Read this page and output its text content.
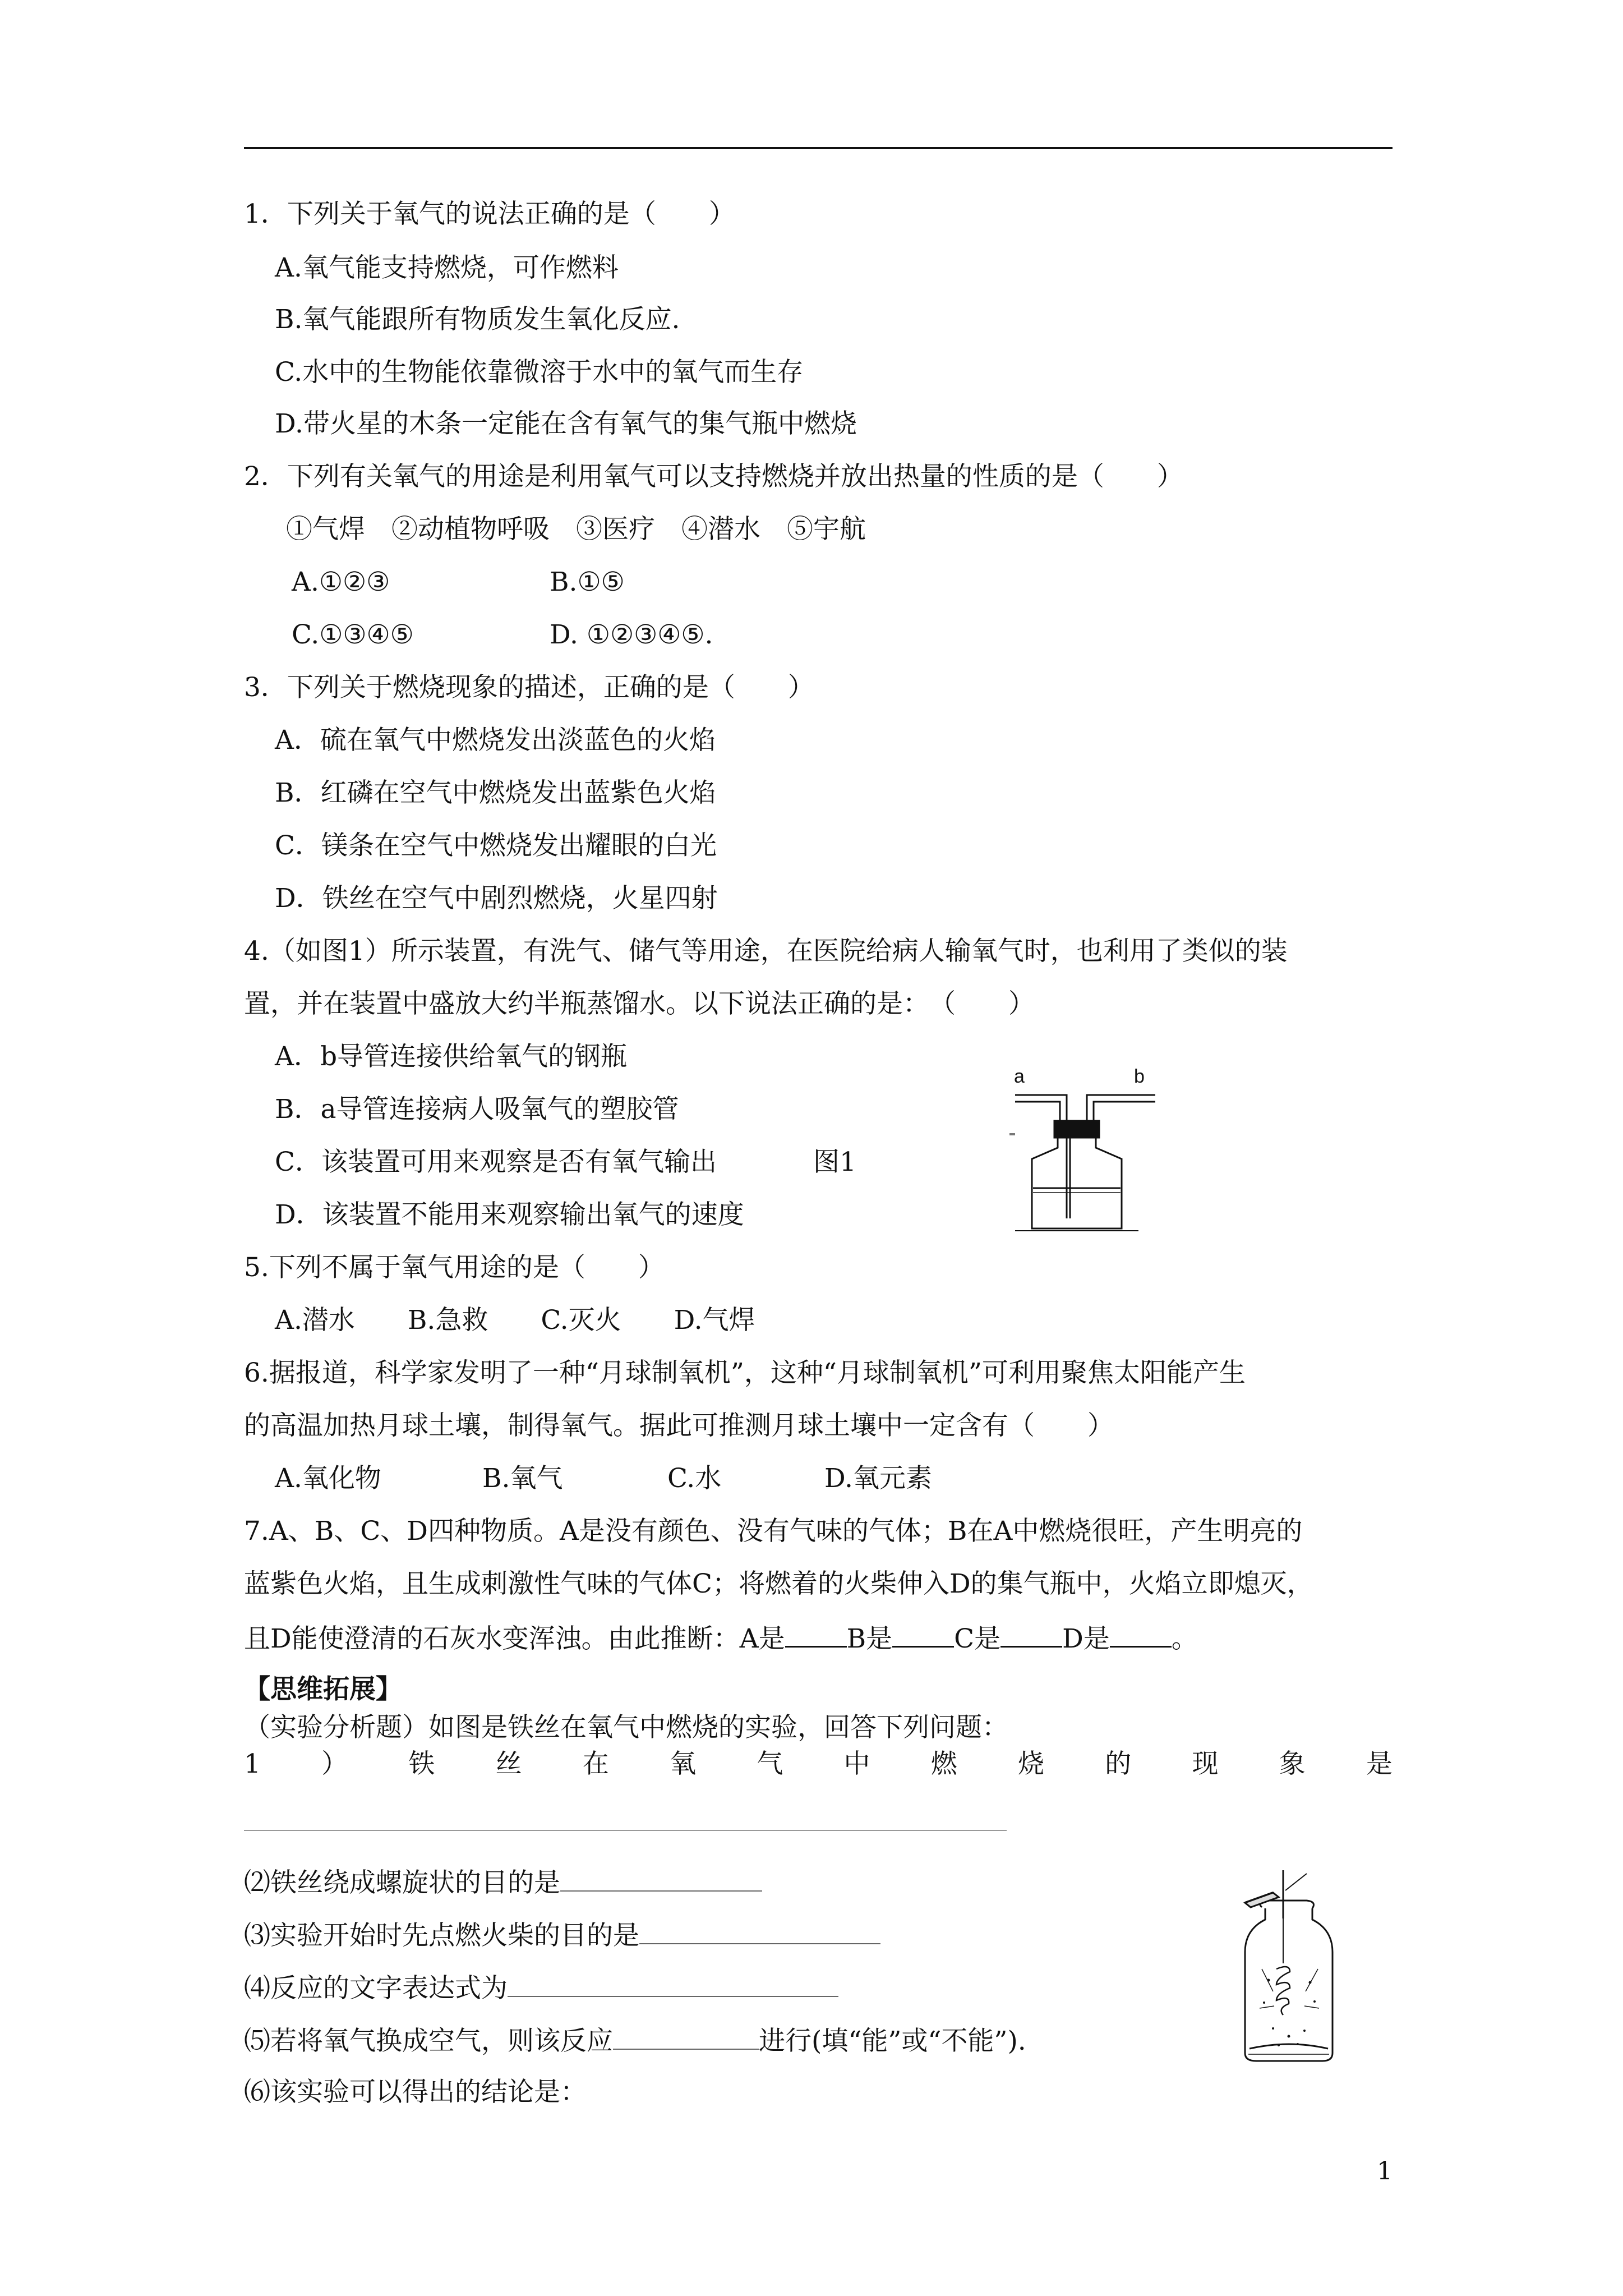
1．下列关于氧气的说法正确的是（　　）
A.氧气能支持燃烧，可作燃料
B.氧气能跟所有物质发生氧化反应.
C.水中的生物能依靠微溶于水中的氧气而生存
D.带火星的木条一定能在含有氧气的集气瓶中燃烧
2．下列有关氧气的用途是利用氧气可以支持燃烧并放出热量的性质的是（　　）
①气焊　②动植物呼吸　③医疗　④潜水　⑤宇航
A.①②③	B.①⑤
C.①③④⑤	D. ①②③④⑤.
3．下列关于燃烧现象的描述，正确的是（　　）
A．硫在氧气中燃烧发出淡蓝色的火焰
B．红磷在空气中燃烧发出蓝紫色火焰
C．镁条在空气中燃烧发出耀眼的白光
D．铁丝在空气中剧烈燃烧，火星四射
4.（如图1）所示装置，有洗气、储气等用途，在医院给病人输氧气时，也利用了类似的装
置，并在装置中盛放大约半瓶蒸馏水。以下说法正确的是：　（　　）
A．b导管连接供给氧气的钢瓶
B．a导管连接病人吸氧气的塑胶管
C．该装置可用来观察是否有氧气输出	图1
D．该装置不能用来观察输出氧气的速度
a	b
5.下列不属于氧气用途的是（　　）
A.潜水　　B.急救　　C.灭火　　D.气焊
6.据报道，科学家发明了一种“月球制氧机”，这种“月球制氧机”可利用聚焦太阳能产生
的高温加热月球土壤，制得氧气。据此可推测月球土壤中一定含有（　　）
A.氧化物	B.氧气	C.水	D.氧元素
7.A、B、C、D四种物质。A是没有颜色、没有气味的气体；B在A中燃烧很旺，产生明亮的
蓝紫色火焰，且生成刺激性气味的气体C；将燃着的火柴伸入D的集气瓶中，火焰立即熄灭，
且D能使澄清的石灰水变浑浊。由此推断：A是 B是 C是 D是 。
【思维拓展】
（实验分析题）如图是铁丝在氧气中燃烧的实验，回答下列问题：
1 ） 铁 丝 在 氧 气 中 燃 烧 的 现 象 是
⑵铁丝绕成螺旋状的目的是
⑶实验开始时先点燃火柴的目的是
⑷反应的文字表达式为
⑸若将氧气换成空气，则该反应	进行(填“能”或“不能”).
⑹该实验可以得出的结论是：
1
